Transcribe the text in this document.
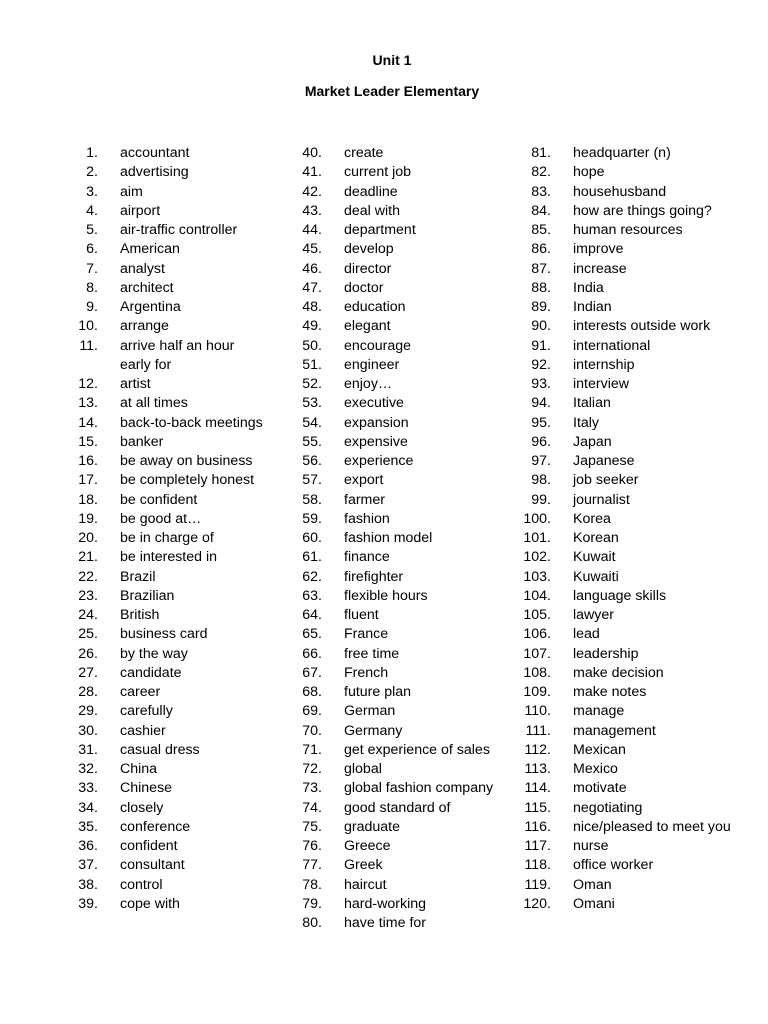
Unit 1
Market Leader Elementary
1.	accountant
2.	advertising
3.	aim
4.	airport
5.	air-traffic controller
6.	American
7.	analyst
8.	architect
9.	Argentina
10.	arrange
11.	arrive half an hour early for
12.	artist
13.	at all times
14.	back-to-back meetings
15.	banker
16.	be away on business
17.	be completely honest
18.	be confident
19.	be good at…
20.	be in charge of
21.	be interested in
22.	Brazil
23.	Brazilian
24.	British
25.	business card
26.	by the way
27.	candidate
28.	career
29.	carefully
30.	cashier
31.	casual dress
32.	China
33.	Chinese
34.	closely
35.	conference
36.	confident
37.	consultant
38.	control
39.	cope with
40.	create
41.	current job
42.	deadline
43.	deal with
44.	department
45.	develop
46.	director
47.	doctor
48.	education
49.	elegant
50.	encourage
51.	engineer
52.	enjoy…
53.	executive
54.	expansion
55.	expensive
56.	experience
57.	export
58.	farmer
59.	fashion
60.	fashion model
61.	finance
62.	firefighter
63.	flexible hours
64.	fluent
65.	France
66.	free time
67.	French
68.	future plan
69.	German
70.	Germany
71.	get experience of sales
72.	global
73.	global fashion company
74.	good standard of
75.	graduate
76.	Greece
77.	Greek
78.	haircut
79.	hard-working
80.	have time for
81.	headquarter (n)
82.	hope
83.	househusband
84.	how are things going?
85.	human resources
86.	improve
87.	increase
88.	India
89.	Indian
90.	interests outside work
91.	international
92.	internship
93.	interview
94.	Italian
95.	Italy
96.	Japan
97.	Japanese
98.	job seeker
99.	journalist
100.	Korea
101.	Korean
102.	Kuwait
103.	Kuwaiti
104.	language skills
105.	lawyer
106.	lead
107.	leadership
108.	make decision
109.	make notes
110.	manage
111.	management
112.	Mexican
113.	Mexico
114.	motivate
115.	negotiating
116.	nice/pleased to meet you
117.	nurse
118.	office worker
119.	Oman
120.	Omani
